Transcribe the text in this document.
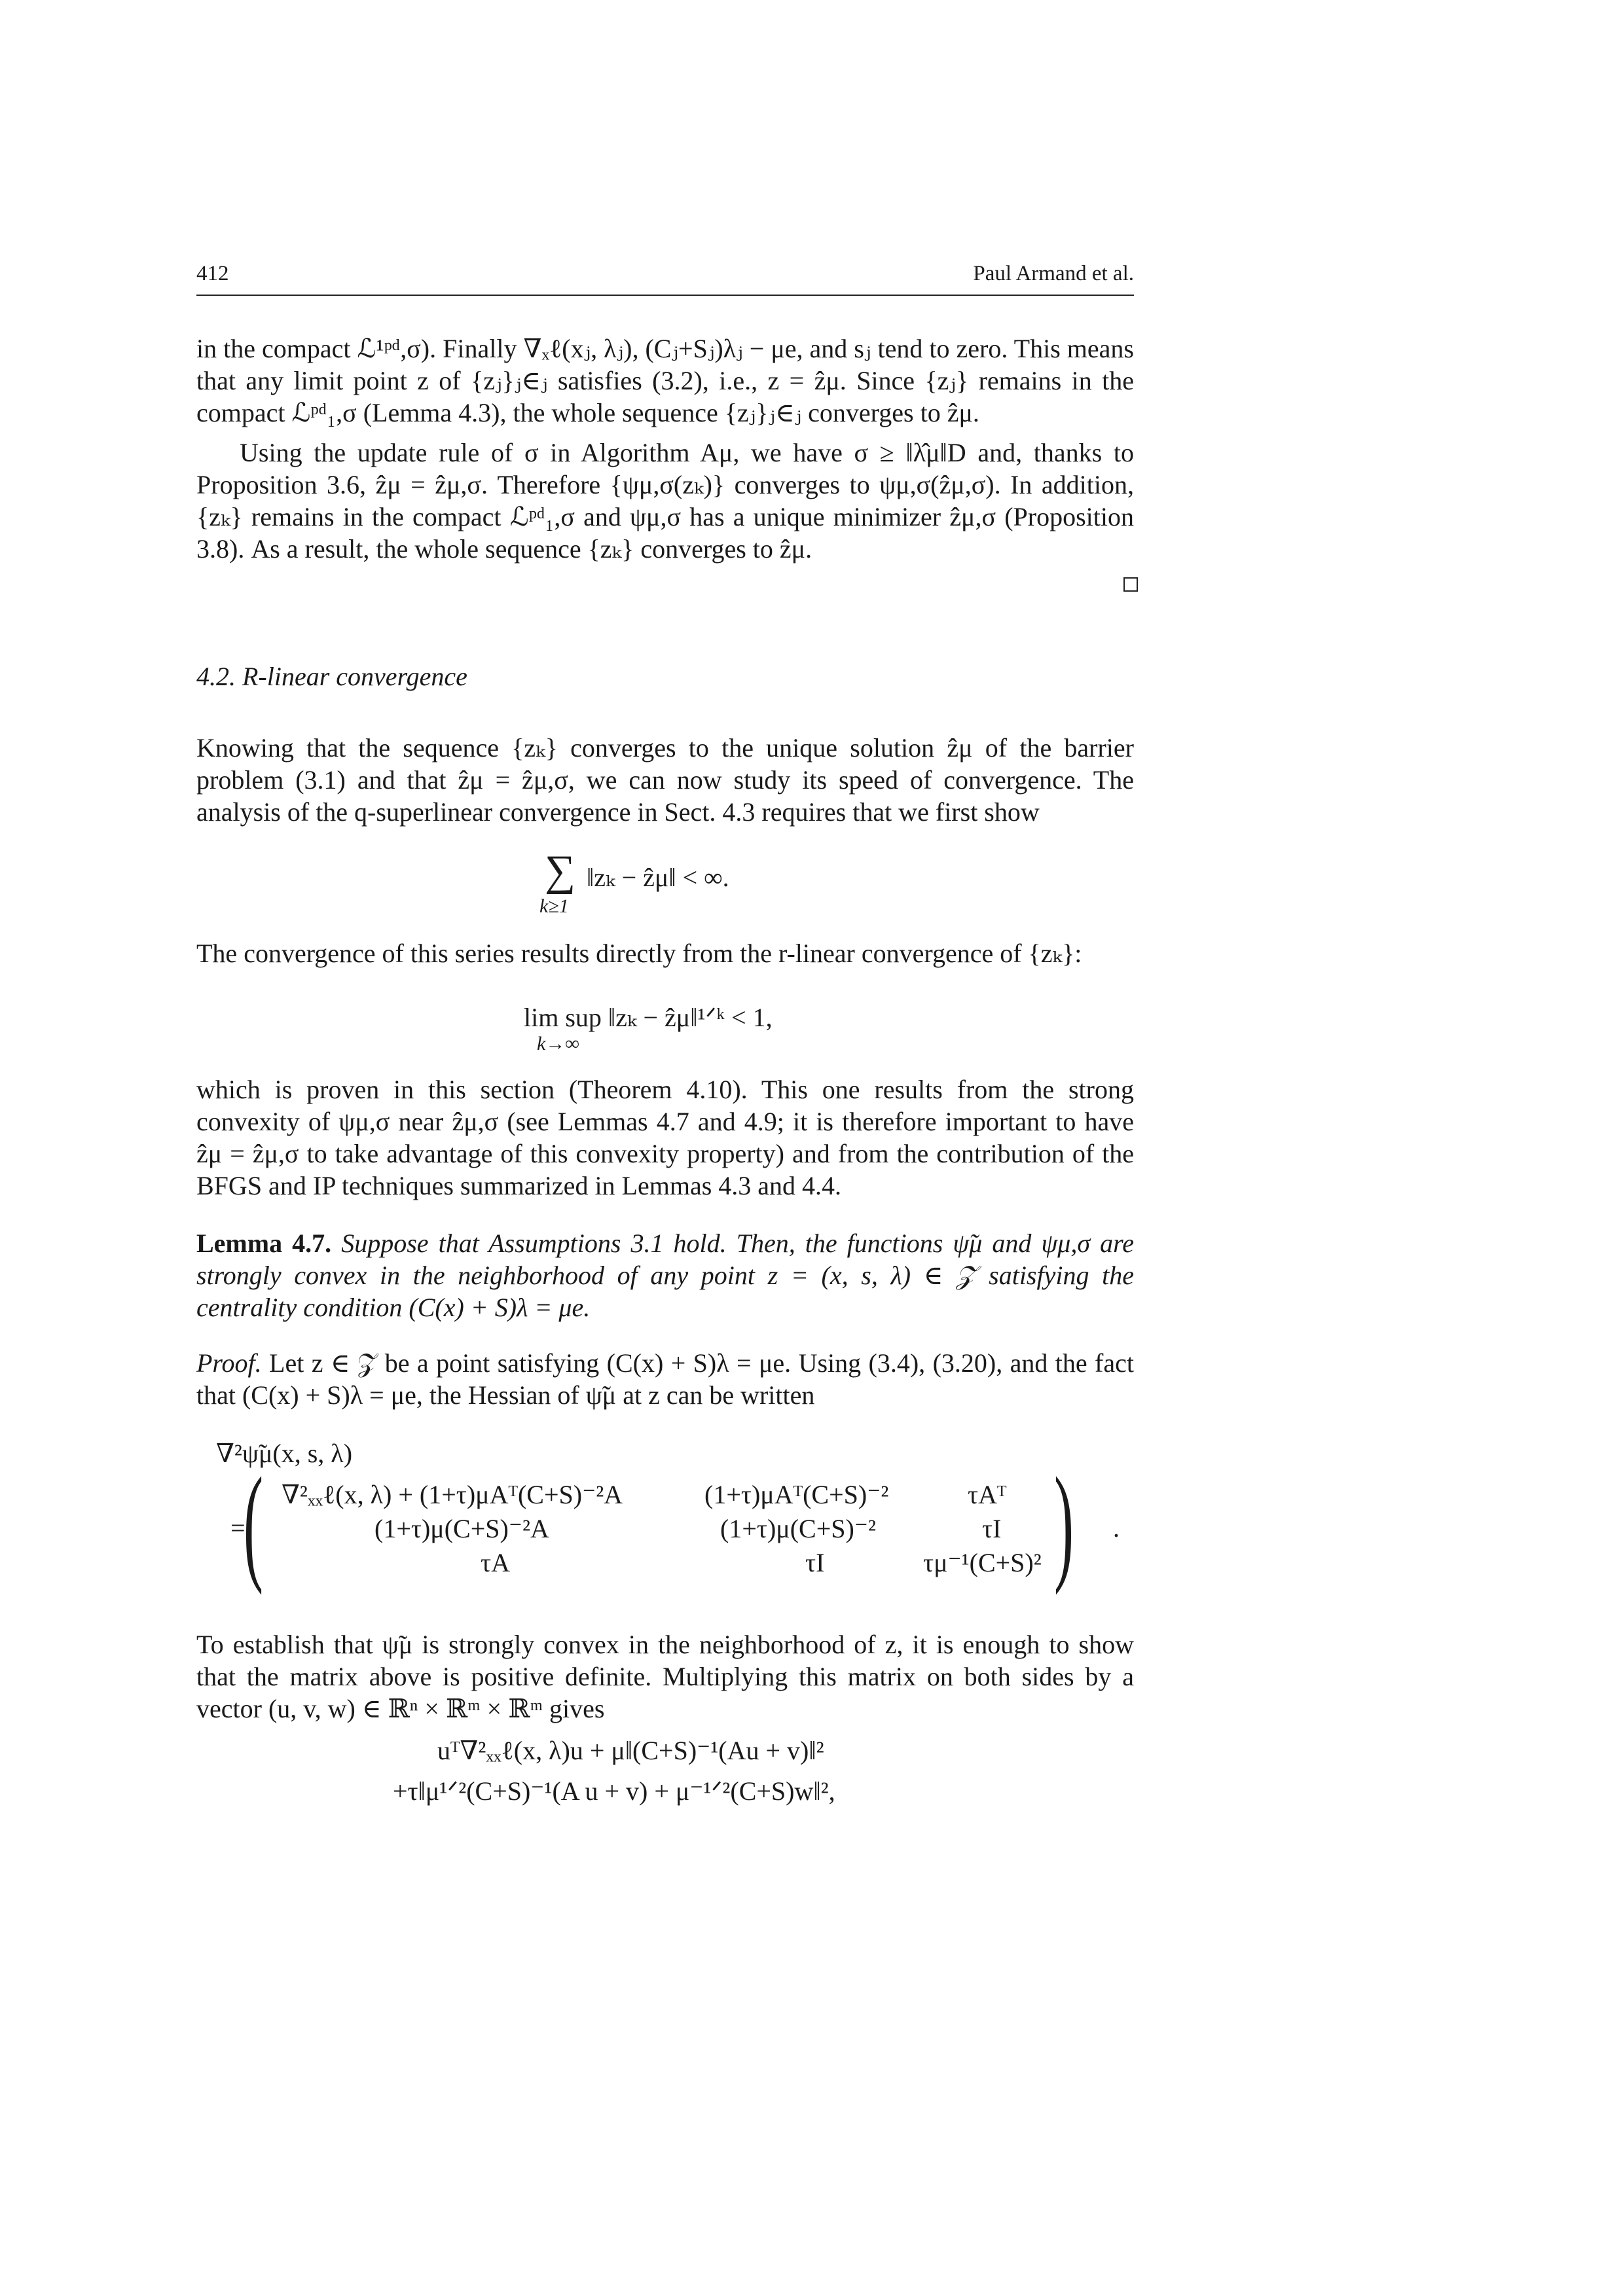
412	Paul Armand et al.

in the compact ℒ¹ᵖᵈ,σ). Finally ∇ₓℓ(xⱼ, λⱼ), (Cⱼ+Sⱼ)λⱼ − μe, and sⱼ tend to zero. This means that any limit point z of {zⱼ}ⱼ∈ⱼ satisfies (3.2), i.e., z = ẑμ. Since {zⱼ} remains in the compact ℒᵖᵈ₁,σ (Lemma 4.3), the whole sequence {zⱼ}ⱼ∈ⱼ converges to ẑμ.

Using the update rule of σ in Algorithm Aμ, we have σ ≥ ‖λ̂μ‖D and, thanks to Proposition 3.6, ẑμ = ẑμ,σ. Therefore {ψμ,σ(zₖ)} converges to ψμ,σ(ẑμ,σ). In addition, {zₖ} remains in the compact ℒᵖᵈ₁,σ and ψμ,σ has a unique minimizer ẑμ,σ (Proposition 3.8). As a result, the whole sequence {zₖ} converges to ẑμ.

4.2. R-linear convergence

Knowing that the sequence {zₖ} converges to the unique solution ẑμ of the barrier problem (3.1) and that ẑμ = ẑμ,σ, we can now study its speed of convergence. The analysis of the q-superlinear convergence in Sect. 4.3 requires that we first show

∑ ‖zₖ − ẑμ‖ < ∞.
k≥1

The convergence of this series results directly from the r-linear convergence of {zₖ}:

lim sup ‖zₖ − ẑμ‖¹ᐟᵏ < 1,
k→∞

which is proven in this section (Theorem 4.10). This one results from the strong convexity of ψμ,σ near ẑμ,σ (see Lemmas 4.7 and 4.9; it is therefore important to have ẑμ = ẑμ,σ to take advantage of this convexity property) and from the contribution of the BFGS and IP techniques summarized in Lemmas 4.3 and 4.4.

Lemma 4.7. Suppose that Assumptions 3.1 hold. Then, the functions ψ̃μ and ψμ,σ are strongly convex in the neighborhood of any point z = (x, s, λ) ∈ 𝒵 satisfying the centrality condition (C(x) + S)λ = μe.

Proof. Let z ∈ 𝒵 be a point satisfying (C(x) + S)λ = μe. Using (3.4), (3.20), and the fact that (C(x) + S)λ = μe, the Hessian of ψ̃μ at z can be written

∇²ψ̃μ(x, s, λ)
=
(	)
∇²ₓₓℓ(x, λ) + (1+τ)μAᵀ(C+S)⁻²A	(1+τ)μAᵀ(C+S)⁻²	τAᵀ
(1+τ)μ(C+S)⁻²A	(1+τ)μ(C+S)⁻²	τI
τA	τI	τμ⁻¹(C+S)²
.

To establish that ψ̃μ is strongly convex in the neighborhood of z, it is enough to show that the matrix above is positive definite. Multiplying this matrix on both sides by a vector (u, v, w) ∈ ℝⁿ × ℝᵐ × ℝᵐ gives

uᵀ∇²ₓₓℓ(x, λ)u + μ‖(C+S)⁻¹(Au + v)‖²
+τ‖μ¹ᐟ²(C+S)⁻¹(A u + v) + μ⁻¹ᐟ²(C+S)w‖²,
